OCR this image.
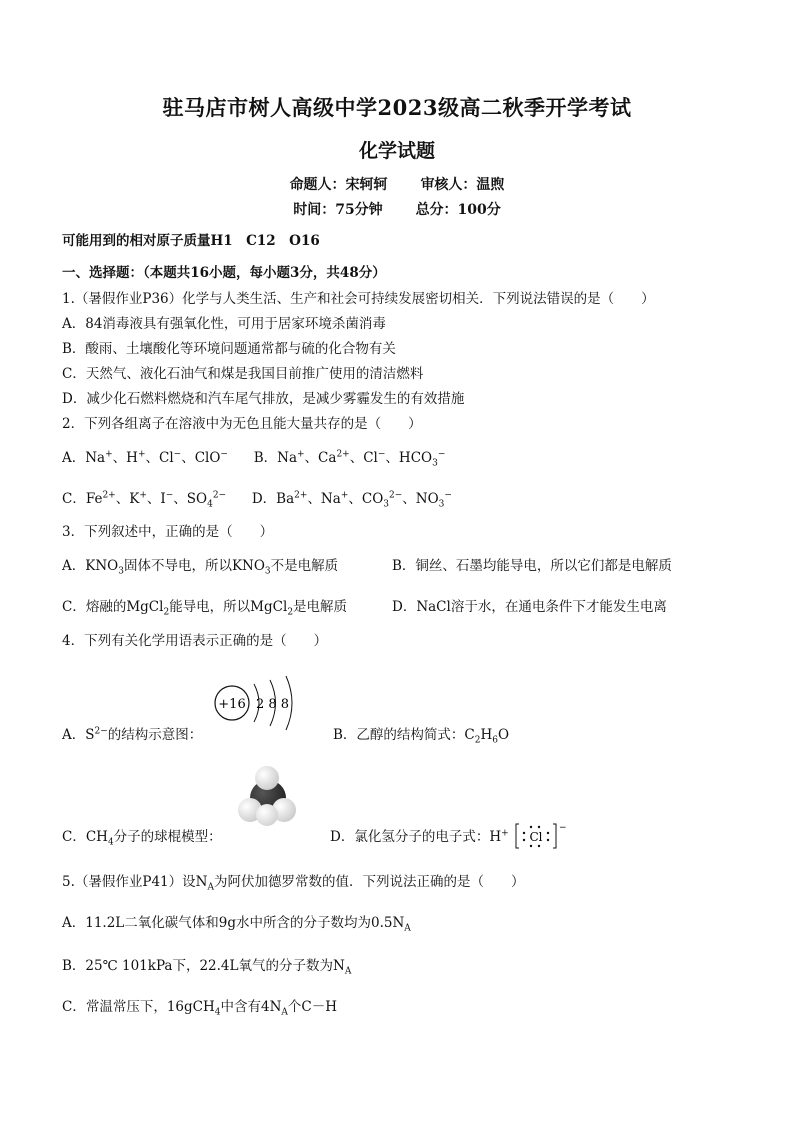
驻马店市树人高级中学2023级高二秋季开学考试
化学试题
命题人：宋轲轲 审核人：温煦
时间：75分钟 总分：100分
可能用到的相对原子质量H1　C12　O16
一、选择题：（本题共16小题，每小题3分，共48分）
1.（暑假作业P36）化学与人类生活、生产和社会可持续发展密切相关．下列说法错误的是（　　）
A．84消毒液具有强氧化性，可用于居家环境杀菌消毒
B．酸雨、土壤酸化等环境问题通常都与硫的化合物有关
C．天然气、液化石油气和煤是我国目前推广使用的清洁燃料
D．减少化石燃料燃烧和汽车尾气排放，是减少雾霾发生的有效措施
2．下列各组离子在溶液中为无色且能大量共存的是（　　）
A．Na+、H+、Cl−、ClO−      B．Na+、$Ca^{2+}$、Cl−、$HCO_3^-$
C．$Fe^{2+}$、K+、I−、$SO_4^{2-}$      D．$Ba^{2+}$、Na+、$CO_3^{2-}$、$NO_3^-$
3．下列叙述中，正确的是（　　）
A．$KNO_3$固体不导电，所以$KNO_3$不是电解质	B．铜丝、石墨均能导电，所以它们都是电解质
C．熔融的MgCl$_2$能导电，所以MgCl$_2$是电解质	D．NaCl溶于水，在通电条件下才能发生电离
4．下列有关化学用语表示正确的是（　　）
+16 2 8 8
A．$S^{2-}$的结构示意图：	B．乙醇的结构简式：$C_2H_6O$
C．$CH_4$分子的球棍模型：	D．氯化氢分子的电子式：H+ Cl
−
5.（暑假作业P41）设$N_A$为阿伏加德罗常数的值．下列说法正确的是（　　）
A．11.2L二氧化碳气体和9g水中所含的分子数均为$0.5N_A$
B．25℃ 101kPa下，22.4L氧气的分子数为$N_A$
C．常温常压下，16gCH$_4$中含有$4N_A$个C－H
